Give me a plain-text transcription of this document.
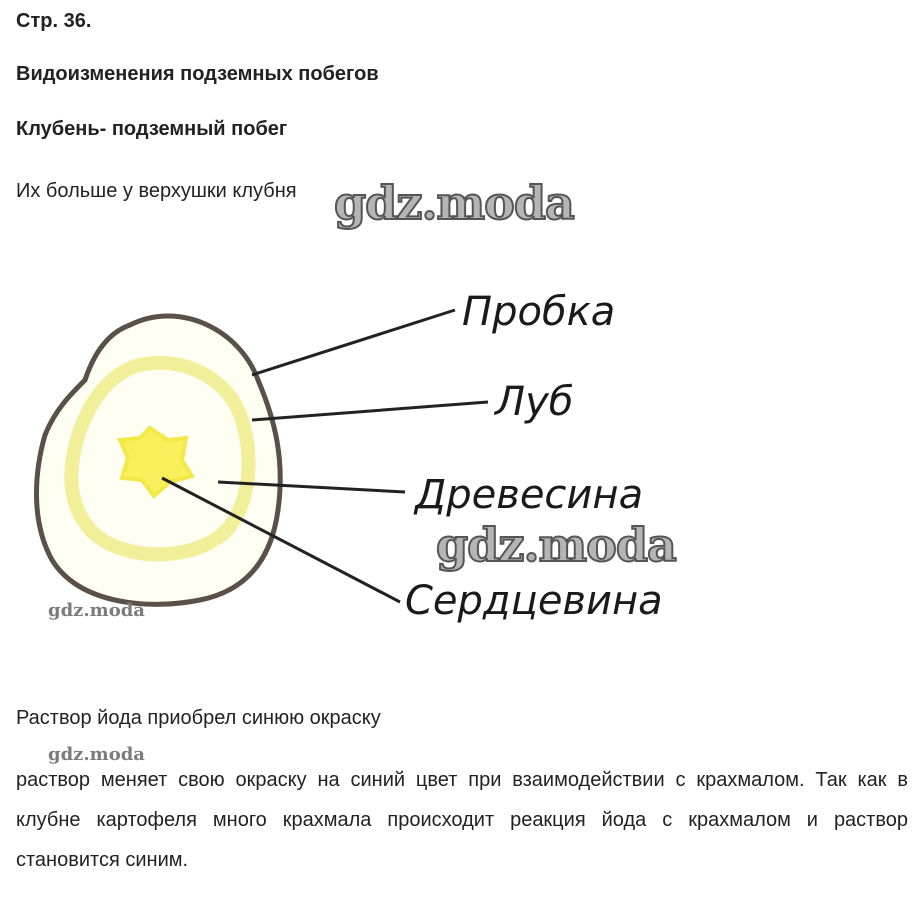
Стр. 36.
Видоизменения подземных побегов
Клубень- подземный побег
Их больше у верхушки клубня
Пробка
Луб
Древесина
Сердцевина
gdz.moda
gdz.moda
gdz.moda
Раствор йода приобрел синюю окраску
gdz.moda

раствор меняет свою окраску на синий цвет при взаимодействии с крахмалом. Так как в клубне картофеля много крахмала происходит реакция йода с крахмалом и раствор становится синим.
